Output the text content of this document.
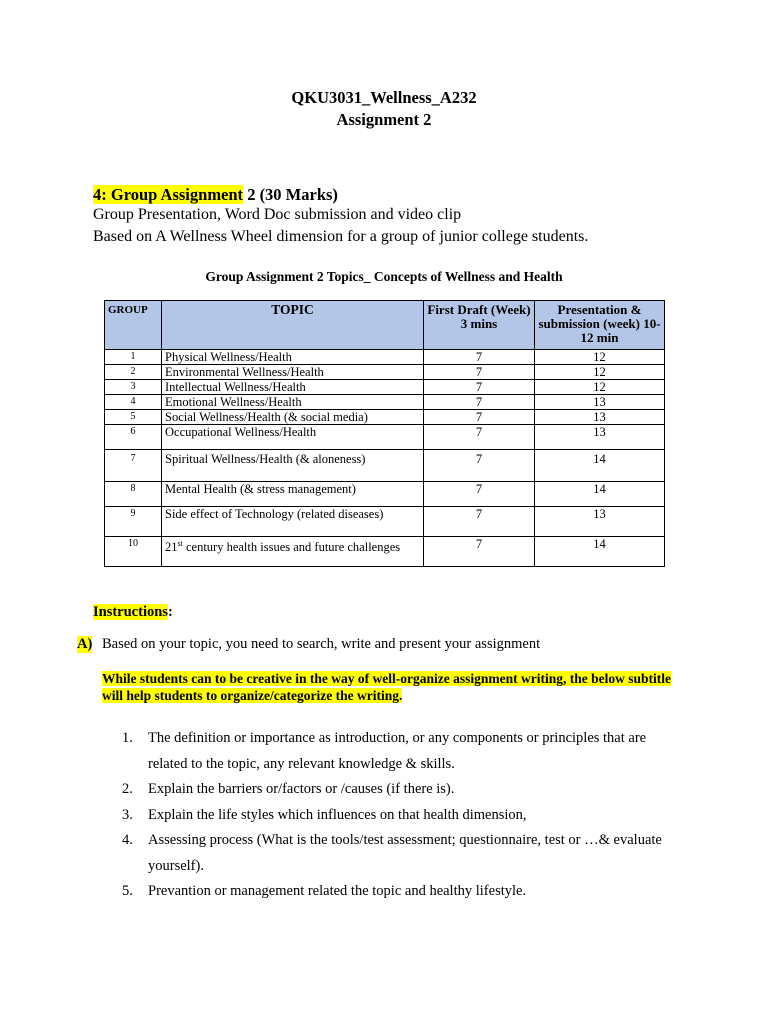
QKU3031_Wellness_A232
Assignment 2
4: Group Assignment 2 (30 Marks)
Group Presentation, Word Doc submission and video clip
Based on A Wellness Wheel dimension for a group of junior college students.
Group Assignment 2 Topics_ Concepts of Wellness and Health
GROUP	TOPIC	First Draft (Week) 3 mins	Presentation & submission (week) 10-12 min
1	Physical Wellness/Health	7	12
2	Environmental Wellness/Health	7	12
3	Intellectual Wellness/Health	7	12
4	Emotional Wellness/Health	7	13
5	Social Wellness/Health (& social media)	7	13
6	Occupational Wellness/Health	7	13
7	Spiritual Wellness/Health (& aloneness)	7	14
8	Mental Health (& stress management)	7	14
9	Side effect of Technology (related diseases)	7	13
10	21st century health issues and future challenges	7	14
Instructions:
A) Based on your topic, you need to search, write and present your assignment
While students can to be creative in the way of well-organize assignment writing, the below subtitle will help students to organize/categorize the writing.
1. The definition or importance as introduction, or any components or principles that are related to the topic, any relevant knowledge & skills.
2. Explain the barriers or/factors or /causes (if there is).
3. Explain the life styles which influences on that health dimension,
4. Assessing process (What is the tools/test assessment; questionnaire, test or …& evaluate yourself).
5. Prevantion or management related the topic and healthy lifestyle.
